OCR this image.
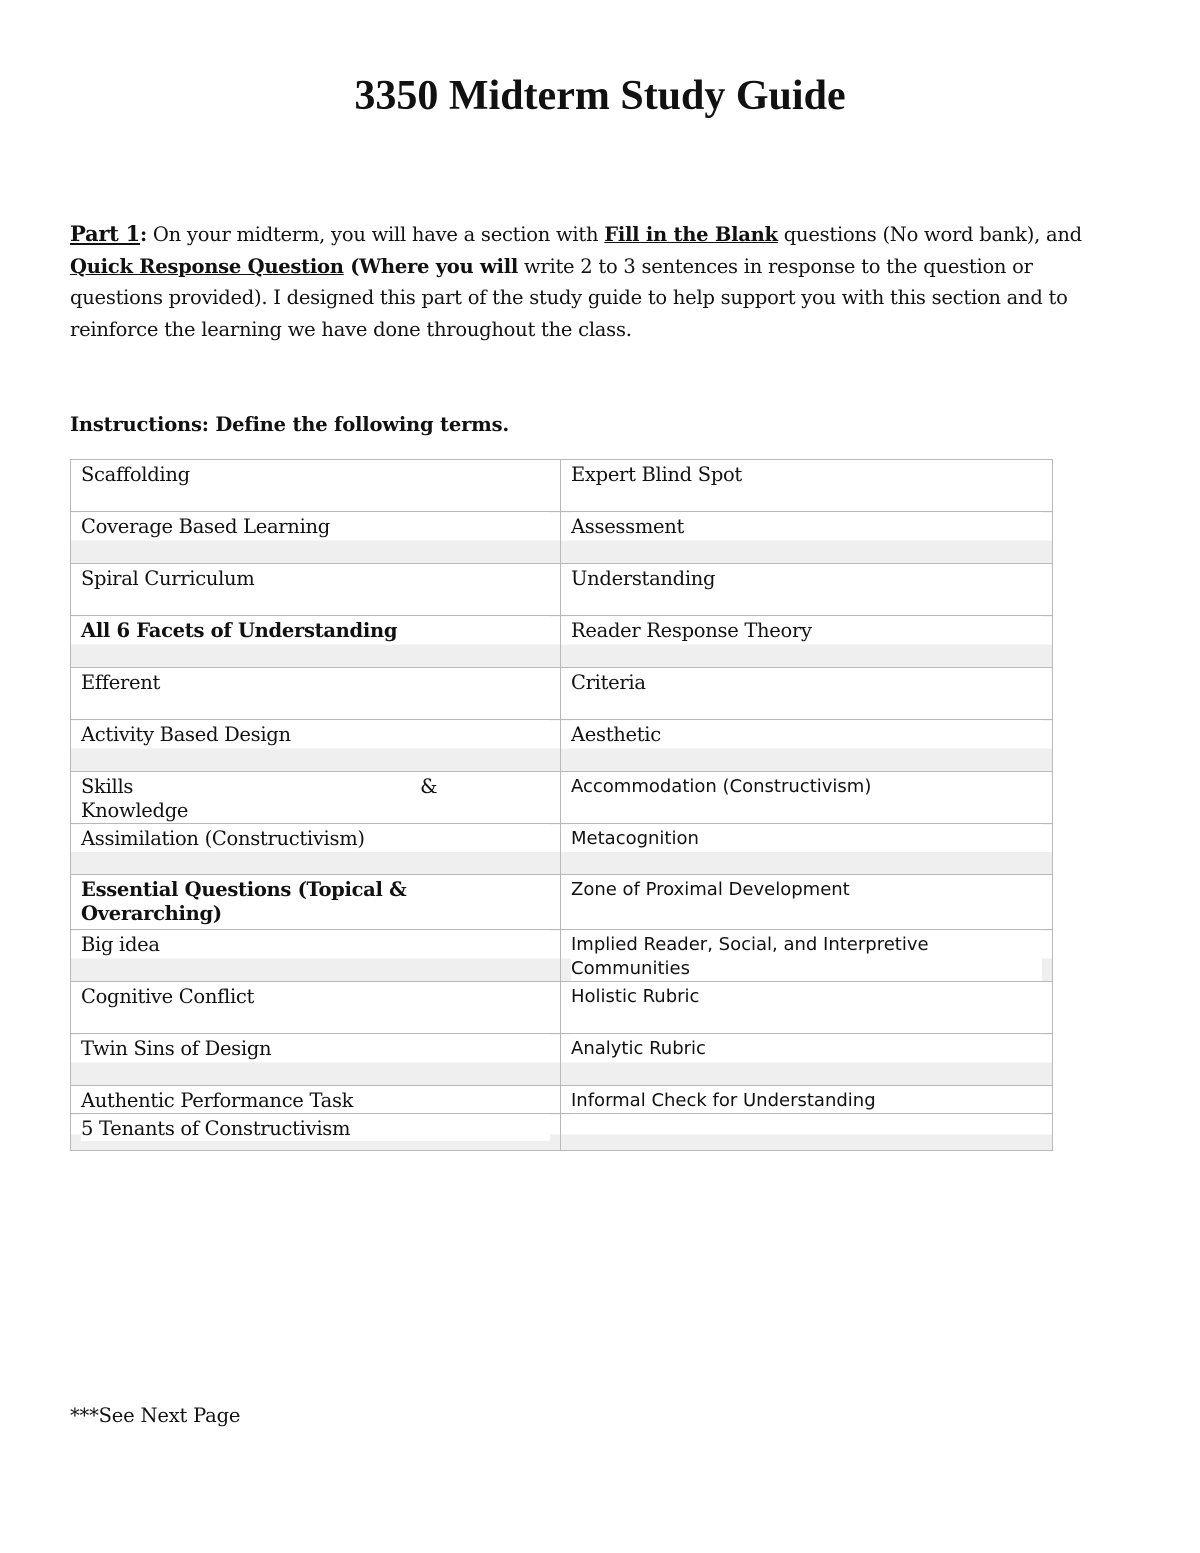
3350 Midterm Study Guide
Part 1: On your midterm, you will have a section with Fill in the Blank questions (No word bank), and Quick Response Question (Where you will write 2 to 3 sentences in response to the question or questions provided). I designed this part of the study guide to help support you with this section and to reinforce the learning we have done throughout the class.
Instructions: Define the following terms.
Scaffolding	Expert Blind Spot

Coverage Based Learning	Assessment

Spiral Curriculum	Understanding

All 6 Facets of Understanding	Reader Response Theory

Efferent	Criteria

Activity Based Design	Aesthetic

Skills & Knowledge	Accommodation (Constructivism)

Assimilation (Constructivism)	Metacognition

Essential Questions (Topical & Overarching)	Zone of Proximal Development

Big idea	Implied Reader, Social, and Interpretive Communities

Cognitive Conflict	Holistic Rubric

Twin Sins of Design	Analytic Rubric

Authentic Performance Task	Informal Check for Understanding

5 Tenants of Constructivism	

***See Next Page
